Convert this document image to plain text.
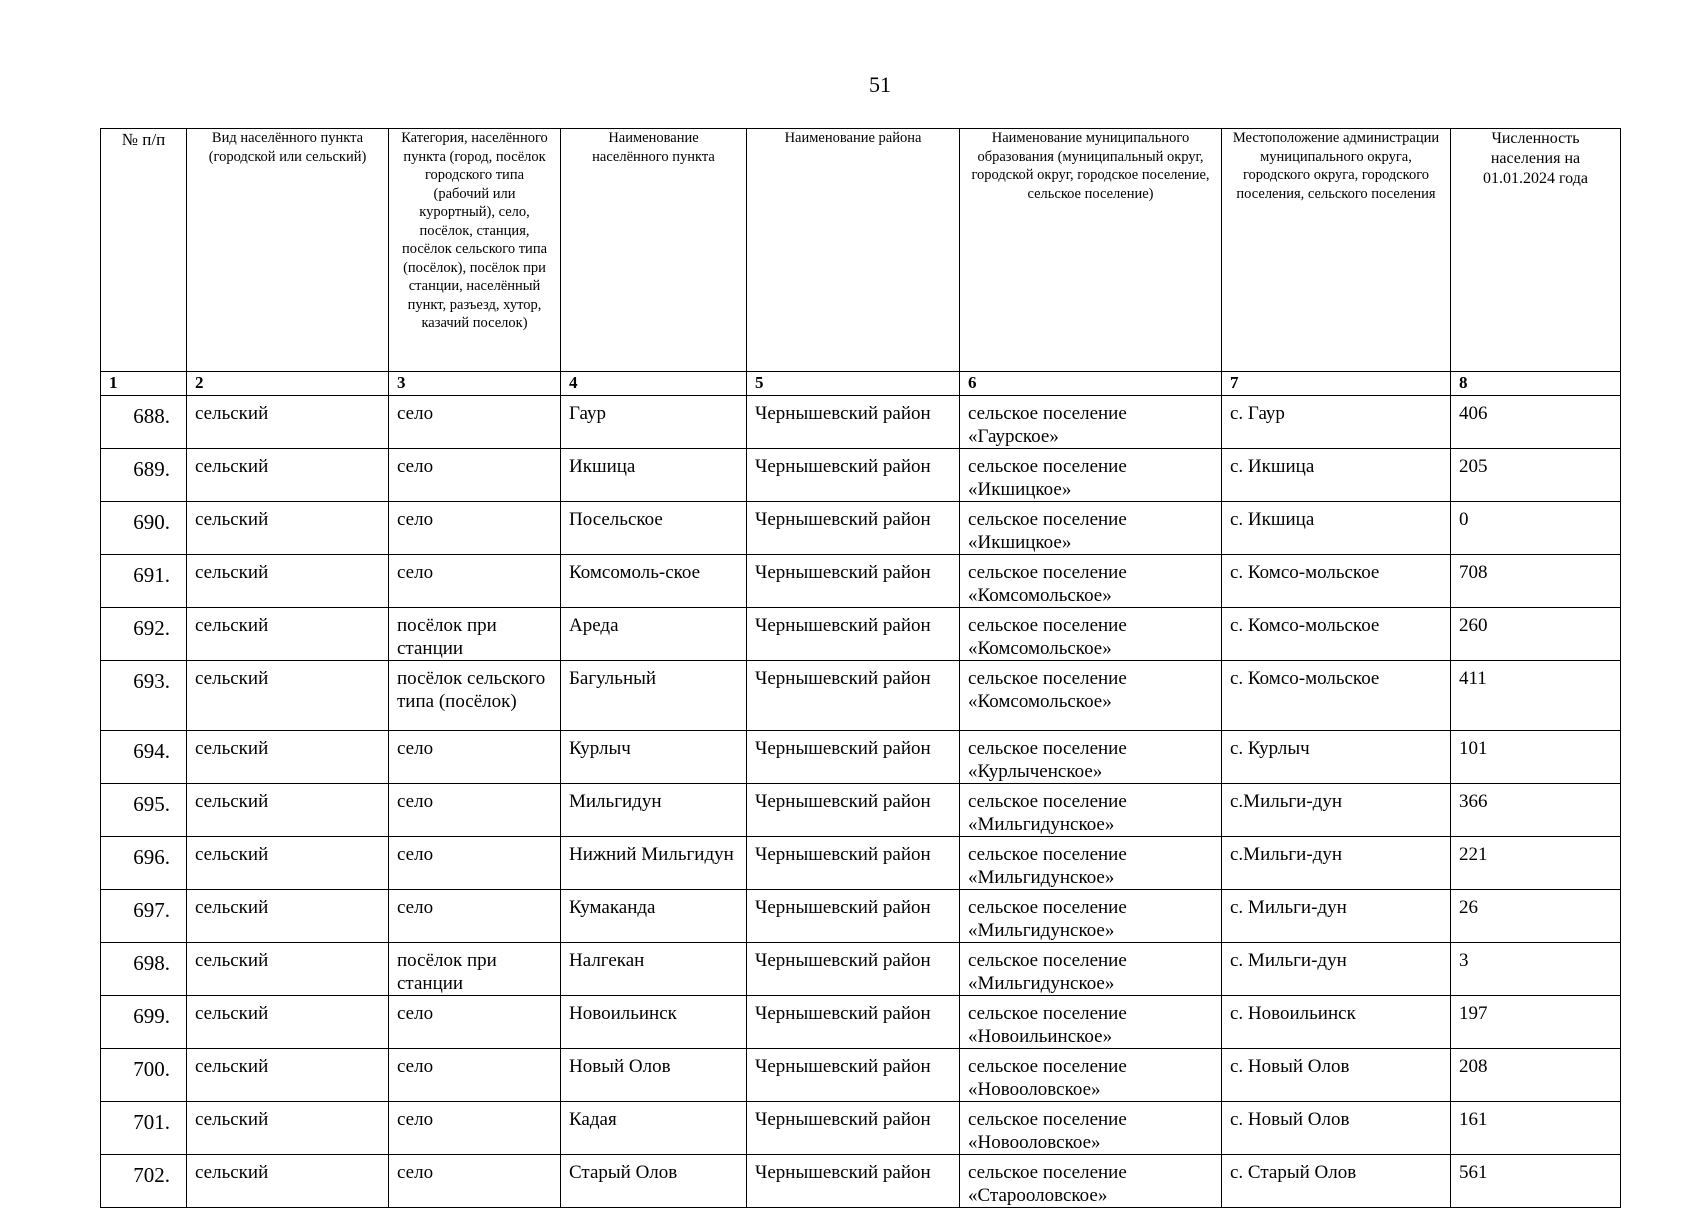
51
№ п/п	Вид населённого пункта (городской или сельский)	Категория, населённого пункта (город, посёлок городского типа (рабочий или курортный), село, посёлок, станция, посёлок сельского типа (посёлок), посёлок при станции, населённый пункт, разъезд, хутор, казачий поселок)	Наименование населённого пункта	Наименование района	Наименование муниципального образования (муниципальный округ, городской округ, городское поселение, сельское поселение)	Местоположение администрации муниципального округа, городского округа, городского поселения, сельского поселения	Численность населения на 01.01.2024 года
1	2	3	4	5	6	7	8
688.	сельский	село	Гаур	Чернышевский район	сельское поселение «Гаурское»	с. Гаур	406
689.	сельский	село	Икшица	Чернышевский район	сельское поселение «Икшицкое»	с. Икшица	205
690.	сельский	село	Посельское	Чернышевский район	сельское поселение «Икшицкое»	с. Икшица	0
691.	сельский	село	Комсомоль-ское	Чернышевский район	сельское поселение «Комсомольское»	с. Комсо-мольское	708
692.	сельский	посёлок при станции	Ареда	Чернышевский район	сельское поселение «Комсомольское»	с. Комсо-мольское	260
693.	сельский	посёлок сельского типа (посёлок)	Багульный	Чернышевский район	сельское поселение «Комсомольское»	с. Комсо-мольское	411
694.	сельский	село	Курлыч	Чернышевский район	сельское поселение «Курлыченское»	с. Курлыч	101
695.	сельский	село	Мильгидун	Чернышевский район	сельское поселение «Мильгидунское»	с.Мильги-дун	366
696.	сельский	село	Нижний Мильгидун	Чернышевский район	сельское поселение «Мильгидунское»	с.Мильги-дун	221
697.	сельский	село	Кумаканда	Чернышевский район	сельское поселение «Мильгидунское»	с. Мильги-дун	26
698.	сельский	посёлок при станции	Налгекан	Чернышевский район	сельское поселение «Мильгидунское»	с. Мильги-дун	3
699.	сельский	село	Новоильинск	Чернышевский район	сельское поселение «Новоильинское»	с. Новоильинск	197
700.	сельский	село	Новый Олов	Чернышевский район	сельское поселение «Новооловское»	с. Новый Олов	208
701.	сельский	село	Кадая	Чернышевский район	сельское поселение «Новооловское»	с. Новый Олов	161
702.	сельский	село	Старый Олов	Чернышевский район	сельское поселение «Старооловское»	с. Старый Олов	561
